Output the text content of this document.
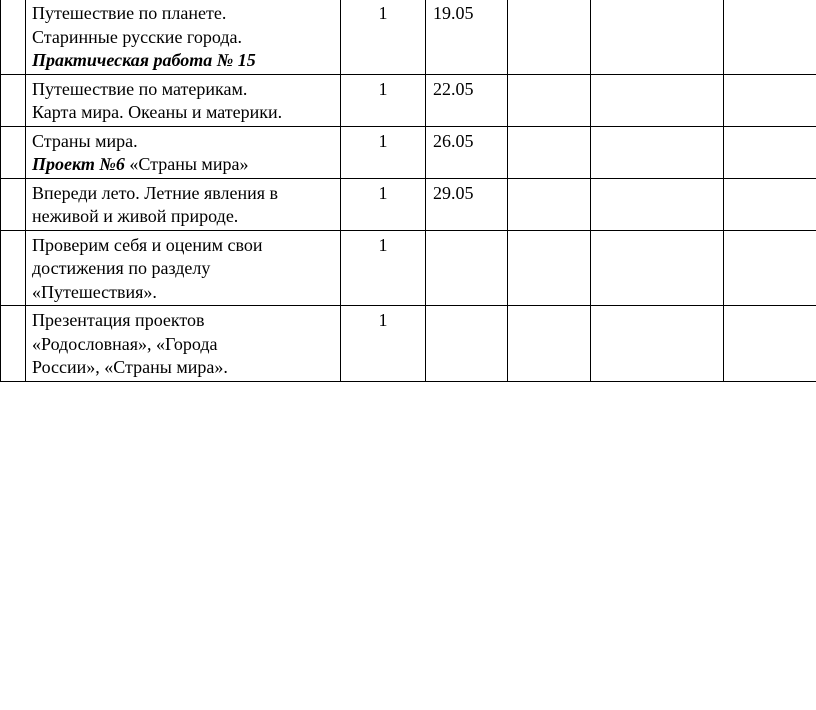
	Путешествие по планете.
Старинные русские города.
Практическая работа № 15	1	19.05			

	Путешествие по материкам.
Карта мира. Океаны и материки.	1	22.05			

	Страны мира.
Проект №6 «Страны мира»	1	26.05			

	Впереди лето. Летние явления в
неживой и живой природе.	1	29.05			

	Проверим себя и оценим свои
достижения по разделу
«Путешествия».	1				

	Презентация проектов
«Родословная», «Города
России», «Страны мира».	1				
